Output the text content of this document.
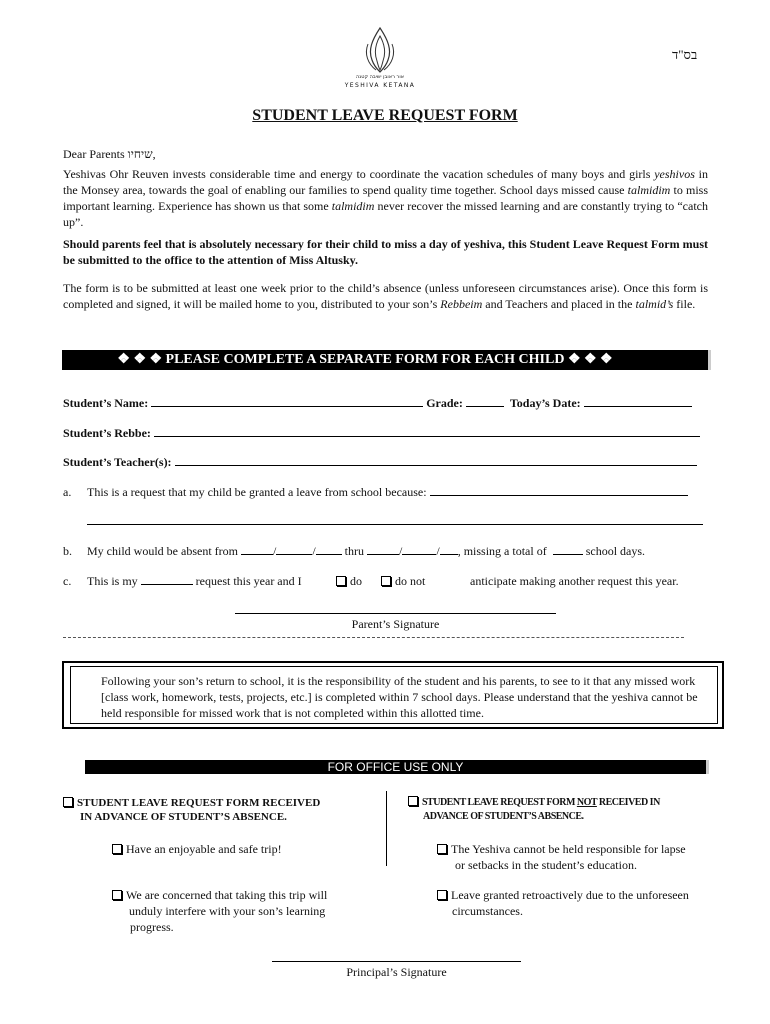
בס"ד
אור ראובן ישיבה קטנה
YESHIVA KETANA
STUDENT LEAVE REQUEST FORM
Dear Parents שיחיו,
Yeshivas Ohr Reuven invests considerable time and energy to coordinate the vacation schedules of many boys and girls yeshivos in the Monsey area, towards the goal of enabling our families to spend quality time together. School days missed cause talmidim to miss important learning. Experience has shown us that some talmidim never recover the missed learning and are constantly trying to “catch up”.
Should parents feel that is absolutely necessary for their child to miss a day of yeshiva, this Student Leave Request Form must be submitted to the office to the attention of Miss Altusky.
The form is to be submitted at least one week prior to the child’s absence (unless unforeseen circumstances arise). Once this form is completed and signed, it will be mailed home to you, distributed to your son’s Rebbeim and Teachers and placed in the talmid’s file.
❖ ❖ ❖ PLEASE COMPLETE A SEPARATE FORM FOR EACH CHILD ❖ ❖ ❖
Student’s Name:	Grade:	Today’s Date:
Student’s Rebbe:
Student’s Teacher(s):
a. This is a request that my child be granted a leave from school because:
b. My child would be absent from	/	/ thru	/	/ , missing a total of	school days.
c. This is my	request this year and I	do	do not	anticipate making another request this year.
Parent’s Signature
Following your son’s return to school, it is the responsibility of the student and his parents, to see to it that any missed work [class work, homework, tests, projects, etc.] is completed within 7 school days. Please understand that the yeshiva cannot be held responsible for missed work that is not completed within this allotted time.
FOR OFFICE USE ONLY
STUDENT LEAVE REQUEST FORM RECEIVED
IN ADVANCE OF STUDENT’S ABSENCE.
Have an enjoyable and safe trip!
We are concerned that taking this trip will
unduly interfere with your son’s learning
progress.
STUDENT LEAVE REQUEST FORM NOT RECEIVED IN
ADVANCE OF STUDENT’S ABSENCE.
The Yeshiva cannot be held responsible for lapse
or setbacks in the student’s education.
Leave granted retroactively due to the unforeseen
circumstances.
Principal’s Signature
